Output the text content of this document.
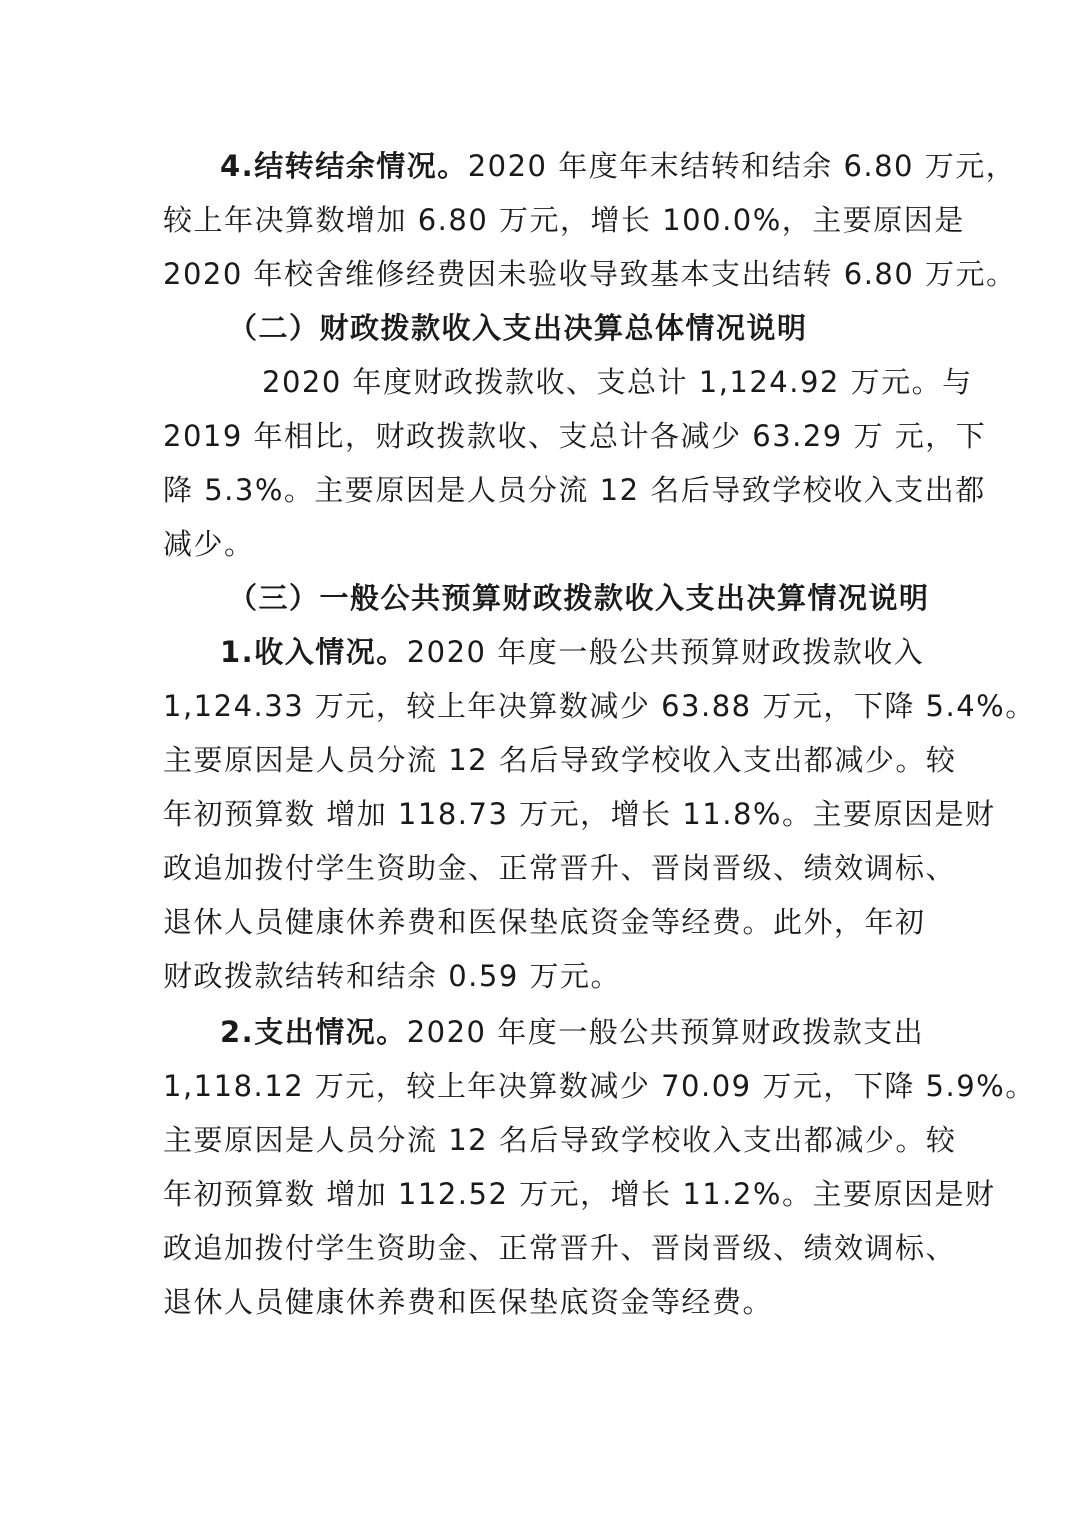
4.结转结余情况。2020 年度年末结转和结余 6.80 万元，
较上年决算数增加 6.80 万元，增长 100.0%，主要原因是
2020 年校舍维修经费因未验收导致基本支出结转 6.80 万元。
（二）财政拨款收入支出决算总体情况说明
2020 年度财政拨款收、支总计 1,124.92 万元。与
2019 年相比，财政拨款收、支总计各减少 63.29 万 元，下
降 5.3%。主要原因是人员分流 12 名后导致学校收入支出都
减少。
（三）一般公共预算财政拨款收入支出决算情况说明
1.收入情况。2020 年度一般公共预算财政拨款收入
1,124.33 万元，较上年决算数减少 63.88 万元，下降 5.4%。
主要原因是人员分流 12 名后导致学校收入支出都减少。较
年初预算数 增加 118.73 万元，增长 11.8%。主要原因是财
政追加拨付学生资助金、正常晋升、晋岗晋级、绩效调标、
退休人员健康休养费和医保垫底资金等经费。此外，年初
财政拨款结转和结余 0.59 万元。
2.支出情况。2020 年度一般公共预算财政拨款支出
1,118.12 万元，较上年决算数减少 70.09 万元，下降 5.9%。
主要原因是人员分流 12 名后导致学校收入支出都减少。较
年初预算数 增加 112.52 万元，增长 11.2%。主要原因是财
政追加拨付学生资助金、正常晋升、晋岗晋级、绩效调标、
退休人员健康休养费和医保垫底资金等经费。
